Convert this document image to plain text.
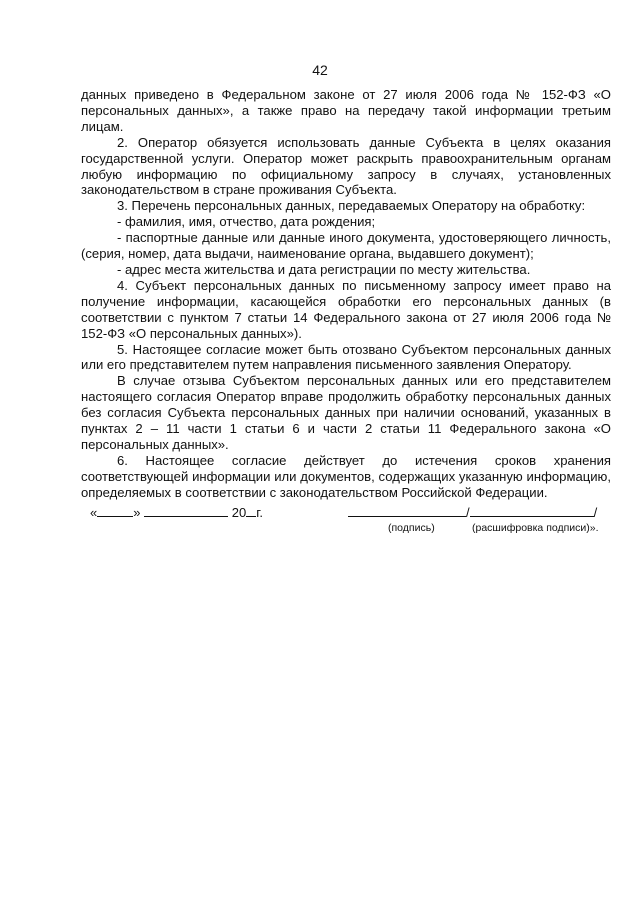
42

данных приведено в Федеральном законе от 27 июля 2006 года № 152-ФЗ «О персональных данных», а также право на передачу такой информации третьим лицам.

2. Оператор обязуется использовать данные Субъекта в целях оказания государственной услуги. Оператор может раскрыть правоохранительным органам любую информацию по официальному запросу в случаях, установленных законодательством в стране проживания Субъекта.

3. Перечень персональных данных, передаваемых Оператору на обработку:

- фамилия, имя, отчество, дата рождения;

- паспортные данные или данные иного документа, удостоверяющего личность, (серия, номер, дата выдачи, наименование органа, выдавшего документ);

- адрес места жительства и дата регистрации по месту жительства.

4. Субъект персональных данных по письменному запросу имеет право на получение информации, касающейся обработки его персональных данных (в соответствии с пунктом 7 статьи 14 Федерального закона от 27 июля 2006 года № 152-ФЗ «О персональных данных»).

5. Настоящее согласие может быть отозвано Субъектом персональных данных или его представителем путем направления письменного заявления Оператору.

В случае отзыва Субъектом персональных данных или его представителем настоящего согласия Оператор вправе продолжить обработку персональных данных без согласия Субъекта персональных данных при наличии оснований, указанных в пунктах 2 – 11 части 1 статьи 6 и части 2 статьи 11 Федерального закона «О персональных данных».

6. Настоящее согласие действует до истечения сроков хранения соответствующей информации или документов, содержащих указанную информацию, определяемых в соответствии с законодательством Российской Федерации.

«	»	20 г.	/	/
(подпись)	(расшифровка подписи)».
